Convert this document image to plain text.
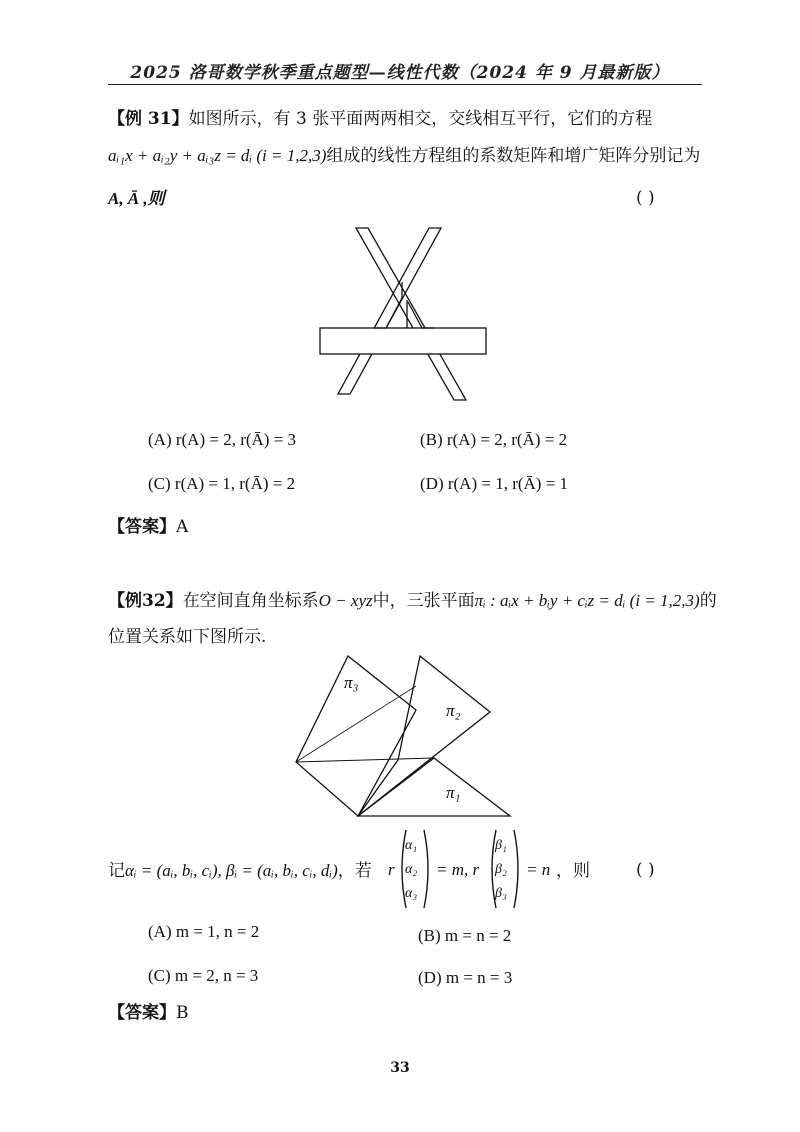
2025 洛哥数学秋季重点题型—线性代数（2024 年 9 月最新版）
【例 31】如图所示，有 3 张平面两两相交，交线相互平行，它们的方程
aᵢ₁x + aᵢ₂y + aᵢ₃z = dᵢ (i = 1,2,3)组成的线性方程组的系数矩阵和增广矩阵分别记为
A, Ā ,则	( )
(A) r(A) = 2, r(Ā) = 3	(B) r(A) = 2, r(Ā) = 2
(C) r(A) = 1, r(Ā) = 2	(D) r(A) = 1, r(Ā) = 1
【答案】A
【例32】在空间直角坐标系O − xyz中，三张平面πᵢ : aᵢx + bᵢy + cᵢz = dᵢ (i = 1,2,3)的
位置关系如下图所示.
π₃
π₂
π₁
记αᵢ = (aᵢ, bᵢ, cᵢ), βᵢ = (aᵢ, bᵢ, cᵢ, dᵢ)，若 r
α₁
α₂
α₃
= m, r
β₁
β₂
β₃
= n ，则	( )
(A) m = 1, n = 2	(B) m = n = 2
(C) m = 2, n = 3	(D) m = n = 3
【答案】B
33
